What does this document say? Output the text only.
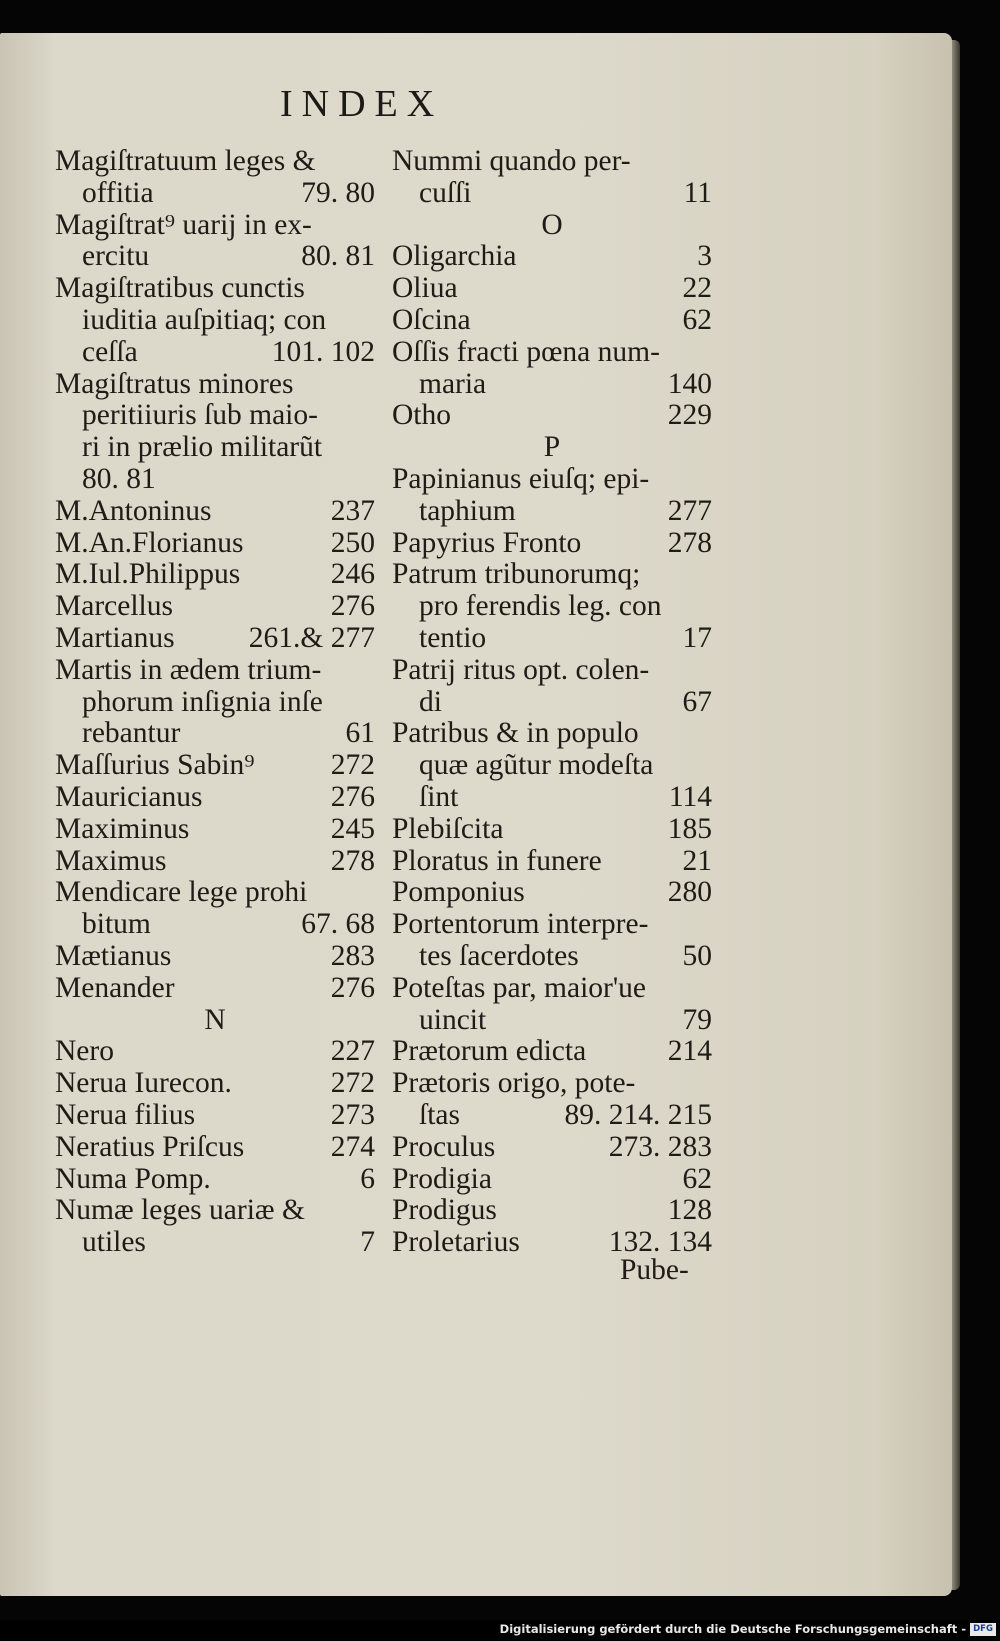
INDEX
Magiſtratuum leges &
offitia	79. 80
Magiſtrat⁹ uarij in ex-
ercitu	80. 81
Magiſtratibus cunctis
iuditia auſpitiaq; con
ceſſa	101. 102
Magiſtratus minores
peritiiuris ſub maio-
ri in prælio militarũt
80. 81
M.Antoninus	237
M.An.Florianus	250
M.Iul.Philippus	246
Marcellus	276
Martianus	261.& 277
Martis in ædem trium-
phorum inſignia inſe
rebantur	61
Maſſurius Sabin⁹	272
Mauricianus	276
Maximinus	245
Maximus	278
Mendicare lege prohi
bitum	67. 68
Mætianus	283
Menander	276
N
Nero	227
Nerua Iurecon.	272
Nerua filius	273
Neratius Priſcus	274
Numa Pomp.	6
Numæ leges uariæ &
utiles	7
Nummi quando per-
cuſſi	11
O
Oligarchia	3
Oliua	22
Oſcina	62
Oſſis fracti pœna num-
maria	140
Otho	229
P
Papinianus eiuſq; epi-
taphium	277
Papyrius Fronto	278
Patrum tribunorumq;
pro ferendis leg. con
tentio	17
Patrij ritus opt. colen-
di	67
Patribus & in populo
quæ agũtur modeſta
ſint	114
Plebiſcita	185
Ploratus in funere	21
Pomponius	280
Portentorum interpre-
tes ſacerdotes	50
Poteſtas par, maior'ue
uincit	79
Prætorum edicta	214
Prætoris origo, pote-
ſtas	89. 214. 215
Proculus	273. 283
Prodigia	62
Prodigus	128
Proletarius	132. 134
Pube-
Digitalisierung gefördert durch die Deutsche Forschungsgemeinschaft - DFG
